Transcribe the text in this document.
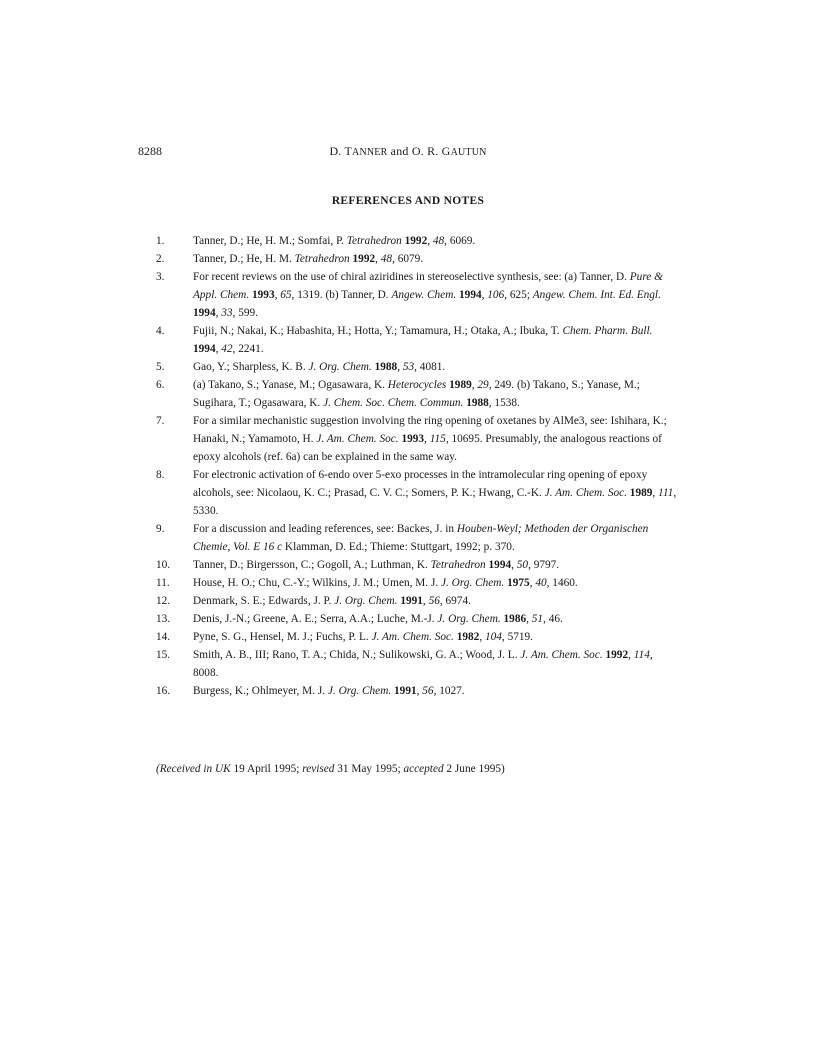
8288	D. TANNER and O. R. GAUTUN
REFERENCES AND NOTES
1.	Tanner, D.; He, H. M.; Somfai, P. Tetrahedron 1992, 48, 6069.
2.	Tanner, D.; He, H. M. Tetrahedron 1992, 48, 6079.
3.	For recent reviews on the use of chiral aziridines in stereoselective synthesis, see: (a) Tanner, D. Pure & Appl. Chem. 1993, 65, 1319. (b) Tanner, D. Angew. Chem. 1994, 106, 625; Angew. Chem. Int. Ed. Engl. 1994, 33, 599.
4.	Fujii, N.; Nakai, K.; Habashita, H.; Hotta, Y.; Tamamura, H.; Otaka, A.; Ibuka, T. Chem. Pharm. Bull. 1994, 42, 2241.
5.	Gao, Y.; Sharpless, K. B. J. Org. Chem. 1988, 53, 4081.
6.	(a) Takano, S.; Yanase, M.; Ogasawara, K. Heterocycles 1989, 29, 249. (b) Takano, S.; Yanase, M.; Sugihara, T.; Ogasawara, K. J. Chem. Soc. Chem. Commun. 1988, 1538.
7.	For a similar mechanistic suggestion involving the ring opening of oxetanes by AlMe3, see: Ishihara, K.; Hanaki, N.; Yamamoto, H. J. Am. Chem. Soc. 1993, 115, 10695. Presumably, the analogous reactions of epoxy alcohols (ref. 6a) can be explained in the same way.
8.	For electronic activation of 6-endo over 5-exo processes in the intramolecular ring opening of epoxy alcohols, see: Nicolaou, K. C.; Prasad, C. V. C.; Somers, P. K.; Hwang, C.-K. J. Am. Chem. Soc. 1989, 111, 5330.
9.	For a discussion and leading references, see: Backes, J. in Houben-Weyl; Methoden der Organischen Chemie, Vol. E 16 c Klamman, D. Ed.; Thieme: Stuttgart, 1992; p. 370.
10. Tanner, D.; Birgersson, C.; Gogoll, A.; Luthman, K. Tetrahedron 1994, 50, 9797.
11. House, H. O.; Chu, C.-Y.; Wilkins, J. M.; Umen, M. J. J. Org. Chem. 1975, 40, 1460.
12. Denmark, S. E.; Edwards, J. P. J. Org. Chem. 1991, 56, 6974.
13. Denis, J.-N.; Greene, A. E.; Serra, A.A.; Luche, M.-J. J. Org. Chem. 1986, 51, 46.
14. Pyne, S. G., Hensel, M. J.; Fuchs, P. L. J. Am. Chem. Soc. 1982, 104, 5719.
15. Smith, A. B., III; Rano, T. A.; Chida, N.; Sulikowski, G. A.; Wood, J. L. J. Am. Chem. Soc. 1992, 114, 8008.
16. Burgess, K.; Ohlmeyer, M. J. J. Org. Chem. 1991, 56, 1027.
(Received in UK 19 April 1995; revised 31 May 1995; accepted 2 June 1995)
